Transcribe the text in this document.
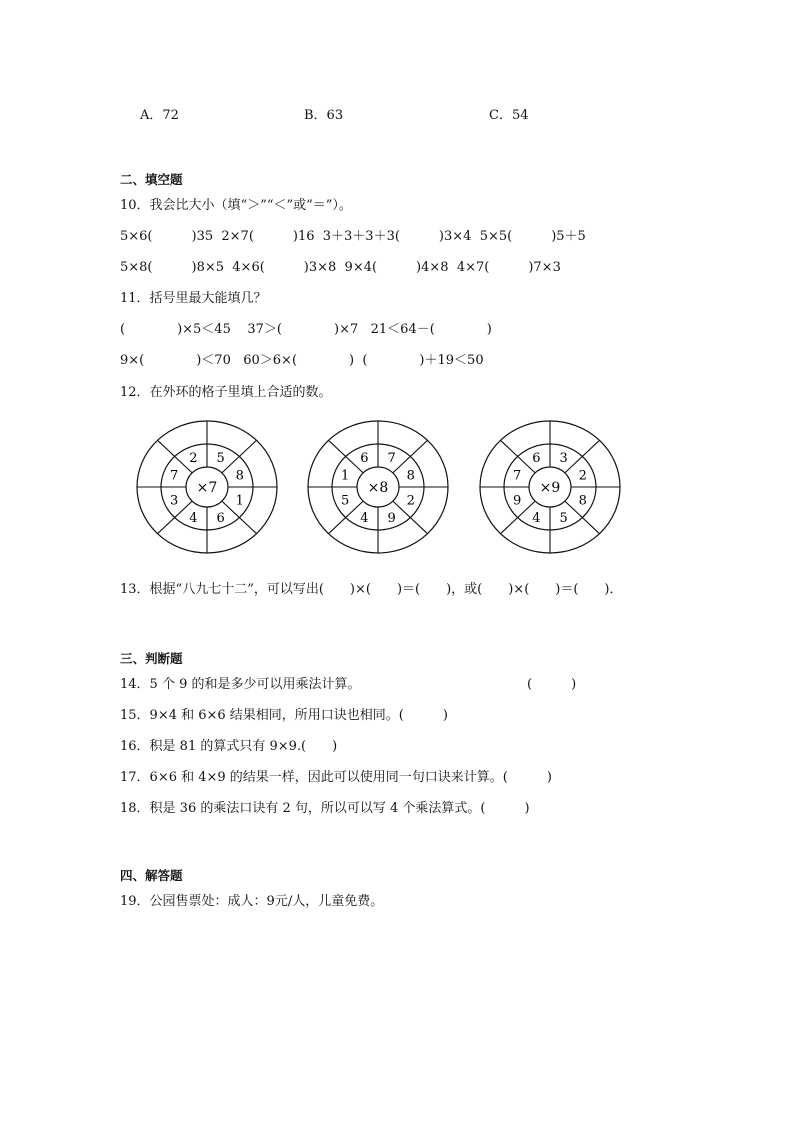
A．72	B．63	C．54
二、填空题
10．我会比大小（填“＞”“＜”或“＝”）。
5×6(　　　)35  2×7(　　　)16  3＋3＋3＋3(　　　)3×4  5×5(　　　)5＋5
5×8(　　　)8×5  4×6(　　　)3×8  9×4(　　　)4×8  4×7(　　　)7×3
11．括号里最大能填几？
(　　　　)×5＜45    37＞(　　　　)×7   21＜64－(　　　　)
9×(　　　　)＜70   60＞6×(　　　　)  (　　　　)＋19＜50
12．在外环的格子里填上合适的数。
×7
5
8
1
6
4
3
7
2
×8
7
8
2
9
4
5
1
6
×9
3
2
8
5
4
9
7
6
13．根据“八九七十二”，可以写出(　　)×(　　)＝(　　)，或(　　)×(　　)＝(　　)．
三、判断题
14．5 个 9 的和是多少可以用乘法计算。	(　　　)
15．9×4 和 6×6 结果相同，所用口诀也相同。(　　　)
16．积是 81 的算式只有 9×9.(　　)
17．6×6 和 4×9 的结果一样，因此可以使用同一句口诀来计算。(　　　)
18．积是 36 的乘法口诀有 2 句，所以可以写 4 个乘法算式。(　　　)
四、解答题
19．公园售票处：成人：9元/人，儿童免费。
